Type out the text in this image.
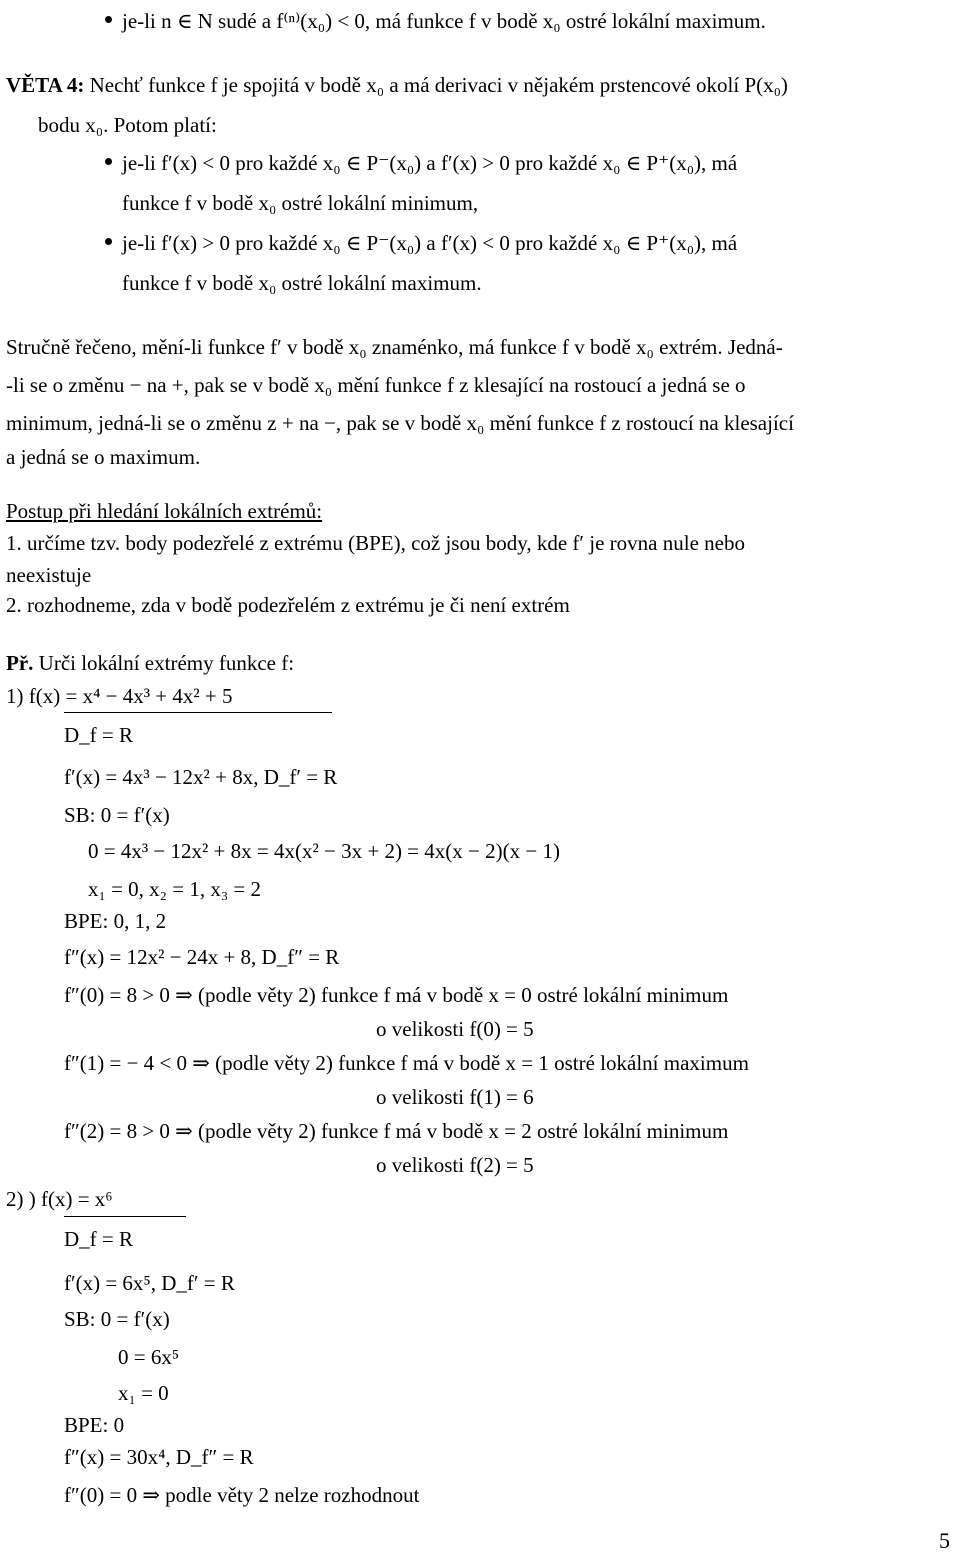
je-li n ∈ N sudé a f⁽ⁿ⁾(x₀) < 0, má funkce f v bodě x₀ ostré lokální maximum.
VĚTA 4: Nechť funkce f je spojitá v bodě x₀ a má derivaci v nějakém prstencové okolí P(x₀)
bodu x₀. Potom platí:
je-li f′(x) < 0 pro každé x₀ ∈ P⁻(x₀) a f′(x) > 0 pro každé x₀ ∈ P⁺(x₀), má
funkce f v bodě x₀ ostré lokální minimum,
je-li f′(x) > 0 pro každé x₀ ∈ P⁻(x₀) a f′(x) < 0 pro každé x₀ ∈ P⁺(x₀), má
funkce f v bodě x₀ ostré lokální maximum.
Stručně řečeno, mění-li funkce f′ v bodě x₀ znaménko, má funkce f v bodě x₀ extrém. Jedná-
-li se o změnu − na +, pak se v bodě x₀ mění funkce f z klesající na rostoucí a jedná se o
minimum, jedná-li se o změnu z + na −, pak se v bodě x₀ mění funkce f z rostoucí na klesající
a jedná se o maximum.
Postup při hledání lokálních extrémů:
1. určíme tzv. body podezřelé z extrému (BPE), což jsou body, kde f′ je rovna nule nebo
neexistuje
2. rozhodneme, zda v bodě podezřelém z extrému je či není extrém
Př. Urči lokální extrémy funkce f:
1) f(x) = x⁴ − 4x³ + 4x² + 5
D_f = R
f′(x) = 4x³ − 12x² + 8x, D_f′ = R
SB: 0 = f′(x)
0 = 4x³ − 12x² + 8x = 4x(x² − 3x + 2) = 4x(x − 2)(x − 1)
x₁ = 0, x₂ = 1, x₃ = 2
BPE: 0, 1, 2
f″(x) = 12x² − 24x + 8, D_f″ = R
f″(0) = 8 > 0 ⇒ (podle věty 2) funkce f má v bodě x = 0 ostré lokální minimum
o velikosti f(0) = 5
f″(1) = − 4 < 0 ⇒ (podle věty 2) funkce f má v bodě x = 1 ostré lokální maximum
o velikosti f(1) = 6
f″(2) = 8 > 0 ⇒ (podle věty 2) funkce f má v bodě x = 2 ostré lokální minimum
o velikosti f(2) = 5
2) ) f(x) = x⁶
D_f = R
f′(x) = 6x⁵, D_f′ = R
SB: 0 = f′(x)
0 = 6x⁵
x₁ = 0
BPE: 0
f″(x) = 30x⁴, D_f″ = R
f″(0) = 0 ⇒ podle věty 2 nelze rozhodnout
5
